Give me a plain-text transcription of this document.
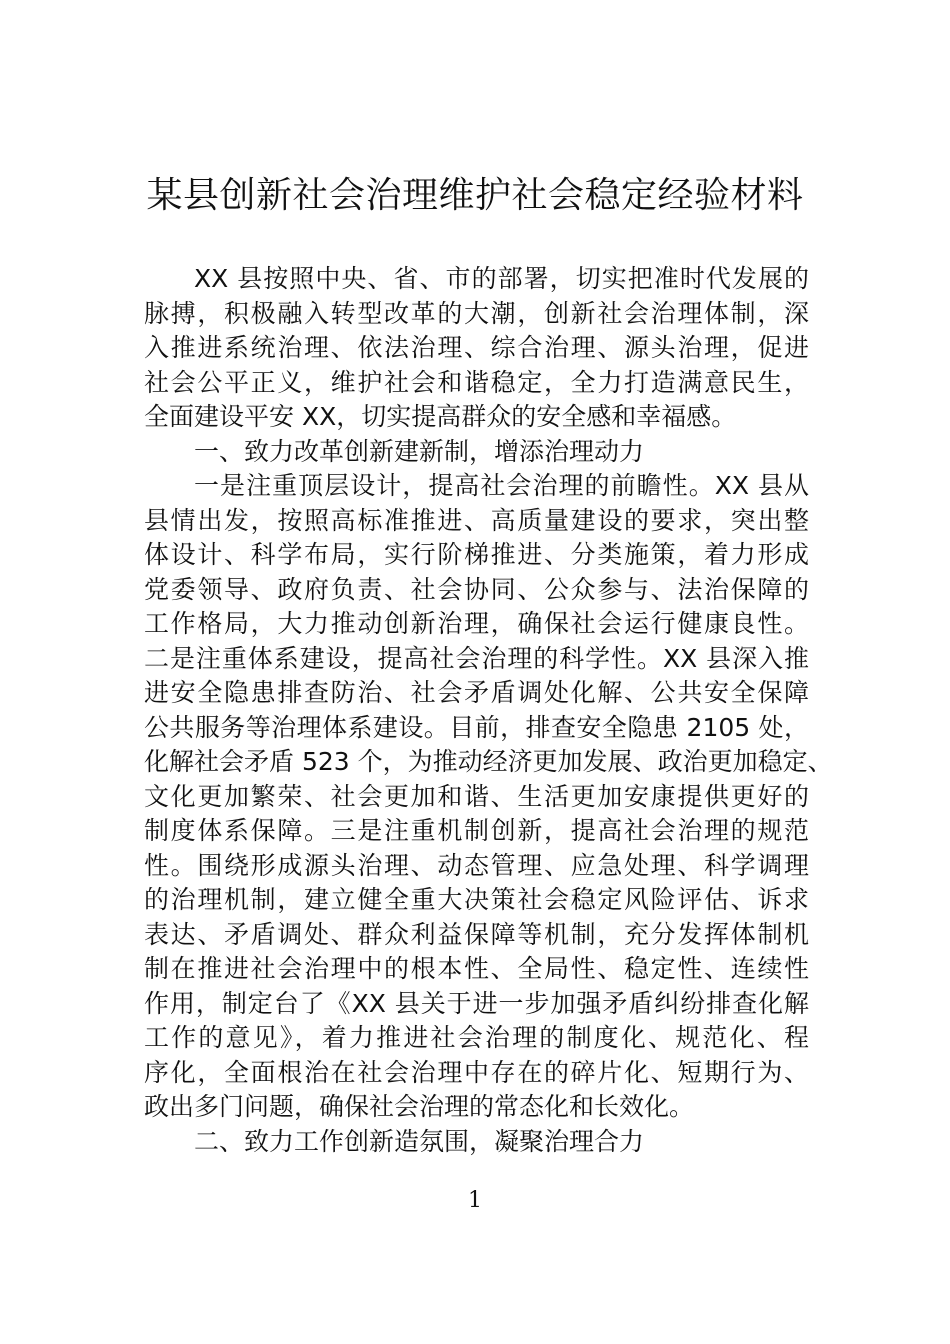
某县创新社会治理维护社会稳定经验材料
XX 县按照中央、省、市的部署，切实把准时代发展的
脉搏，积极融入转型改革的大潮，创新社会治理体制，深
入推进系统治理、依法治理、综合治理、源头治理，促进
社会公平正义，维护社会和谐稳定，全力打造满意民生，
全面建设平安 XX，切实提高群众的安全感和幸福感。
一、致力改革创新建新制，增添治理动力
一是注重顶层设计，提高社会治理的前瞻性。XX 县从
县情出发，按照高标准推进、高质量建设的要求，突出整
体设计、科学布局，实行阶梯推进、分类施策，着力形成
党委领导、政府负责、社会协同、公众参与、法治保障的
工作格局，大力推动创新治理，确保社会运行健康良性。
二是注重体系建设，提高社会治理的科学性。XX 县深入推
进安全隐患排查防治、社会矛盾调处化解、公共安全保障
公共服务等治理体系建设。目前，排查安全隐患 2105 处，
化解社会矛盾 523 个，为推动经济更加发展、政治更加稳定、
文化更加繁荣、社会更加和谐、生活更加安康提供更好的
制度体系保障。三是注重机制创新，提高社会治理的规范
性。围绕形成源头治理、动态管理、应急处理、科学调理
的治理机制，建立健全重大决策社会稳定风险评估、诉求
表达、矛盾调处、群众利益保障等机制，充分发挥体制机
制在推进社会治理中的根本性、全局性、稳定性、连续性
作用，制定台了《XX 县关于进一步加强矛盾纠纷排查化解
工作的意见》，着力推进社会治理的制度化、规范化、程
序化，全面根治在社会治理中存在的碎片化、短期行为、
政出多门问题，确保社会治理的常态化和长效化。
二、致力工作创新造氛围，凝聚治理合力
1
